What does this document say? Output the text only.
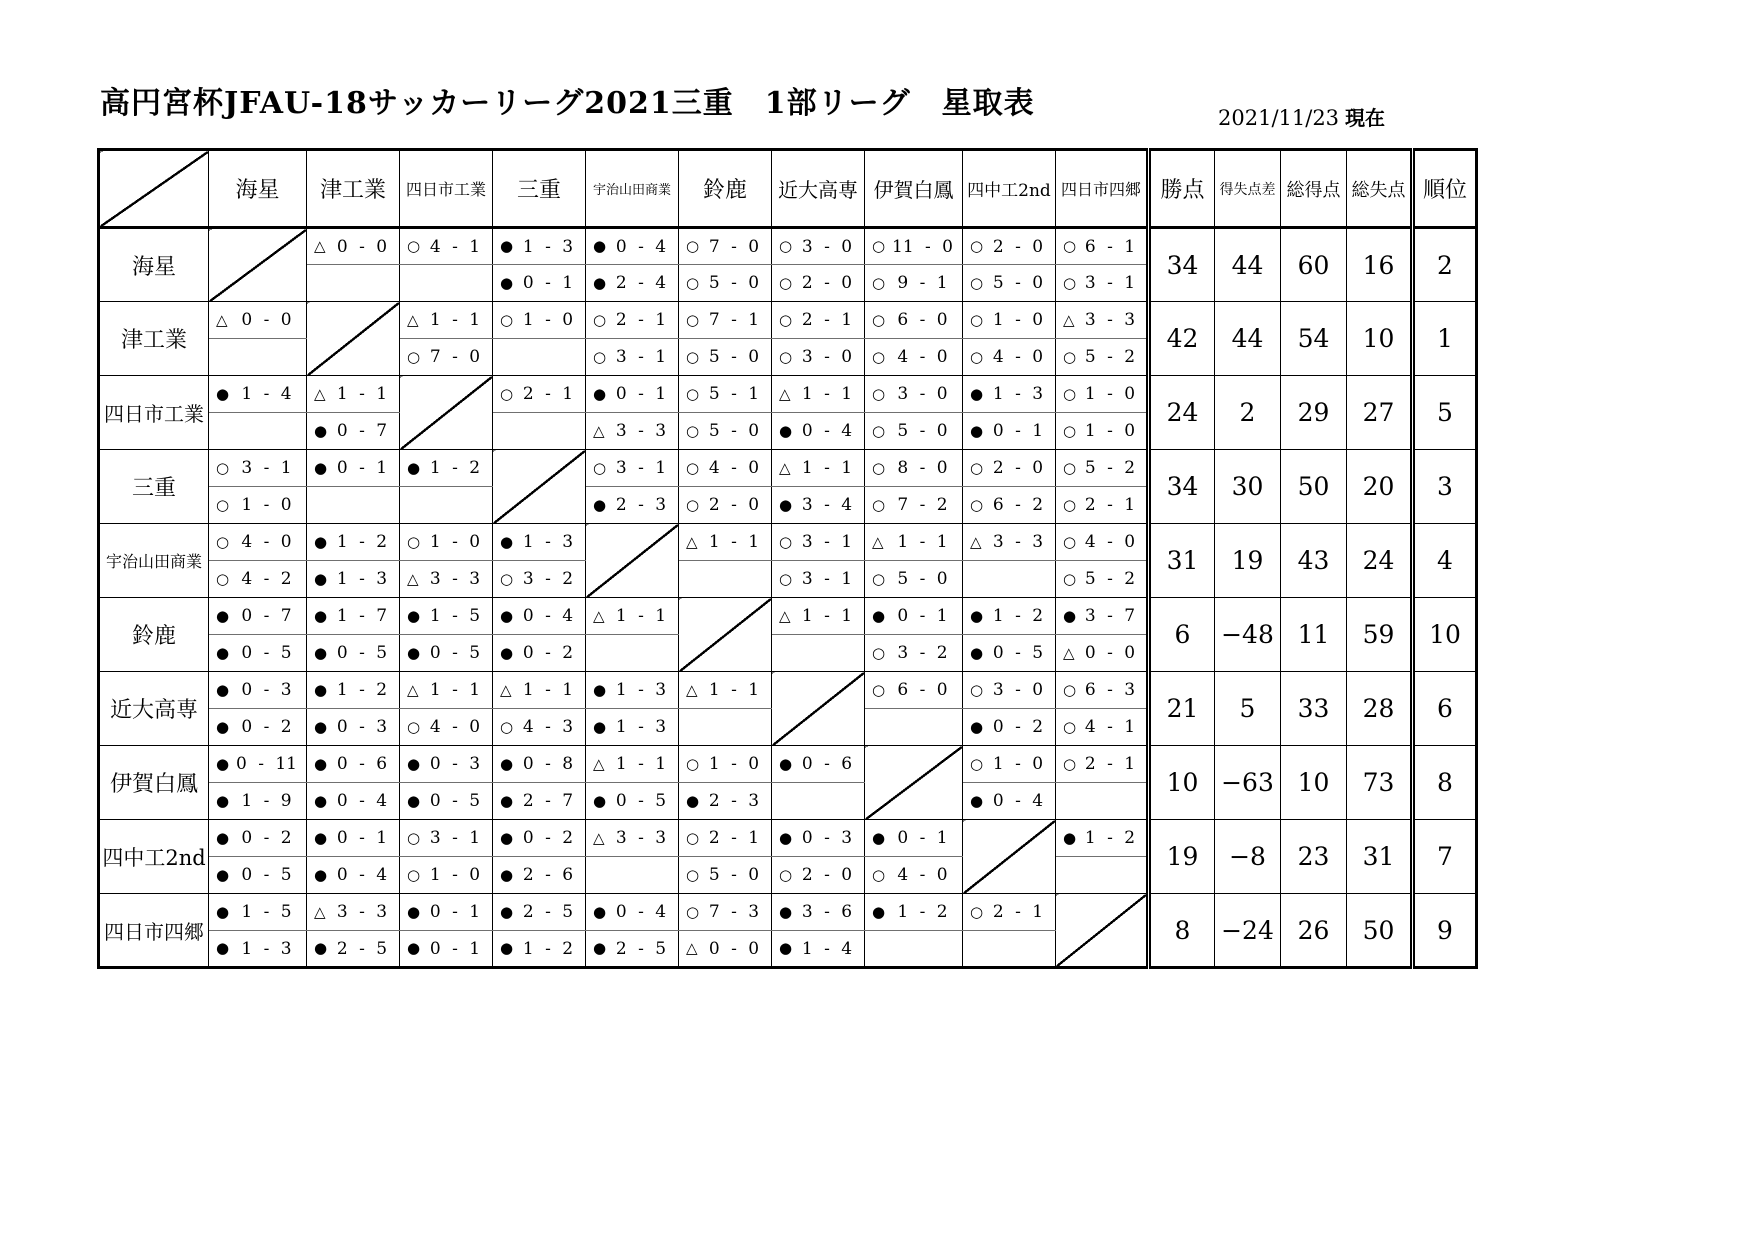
高円宮杯JFAU-18サッカーリーグ2021三重　1部リーグ　星取表	2021/11/23 現在
	海星	津工業	四日市工業	三重	宇治山田商業	鈴鹿	近大高専	伊賀白鳳	四中工2nd	四日市四郷	勝点	得失点差	総得点	総失点	順位
海星		△ 0 - 0	○ 4 - 1	● 1 - 3	● 0 - 4	○ 7 - 0	○ 3 - 0	○ 11 - 0	○ 2 - 0	○ 6 - 1	34	44	60	16	2

				● 0 - 1	● 2 - 4	○ 5 - 0	○ 2 - 0	○ 9 - 1	○ 5 - 0	○ 3 - 1					

津工業	△ 0 - 0		△ 1 - 1	○ 1 - 0	○ 2 - 1	○ 7 - 1	○ 2 - 1	○ 6 - 0	○ 1 - 0	△ 3 - 3	42	44	54	10	1

			○ 7 - 0		○ 3 - 1	○ 5 - 0	○ 3 - 0	○ 4 - 0	○ 4 - 0	○ 5 - 2					

四日市工業	● 1 - 4	△ 1 - 1		○ 2 - 1	● 0 - 1	○ 5 - 1	△ 1 - 1	○ 3 - 0	● 1 - 3	○ 1 - 0	24	2	29	27	5

		● 0 - 7			△ 3 - 3	○ 5 - 0	● 0 - 4	○ 5 - 0	● 0 - 1	○ 1 - 0					

三重	○ 3 - 1	● 0 - 1	● 1 - 2		○ 3 - 1	○ 4 - 0	△ 1 - 1	○ 8 - 0	○ 2 - 0	○ 5 - 2	34	30	50	20	3

	○ 1 - 0				● 2 - 3	○ 2 - 0	● 3 - 4	○ 7 - 2	○ 6 - 2	○ 2 - 1					

宇治山田商業	○ 4 - 0	● 1 - 2	○ 1 - 0	● 1 - 3		△ 1 - 1	○ 3 - 1	△ 1 - 1	△ 3 - 3	○ 4 - 0	31	19	43	24	4

	○ 4 - 2	● 1 - 3	△ 3 - 3	○ 3 - 2			○ 3 - 1	○ 5 - 0		○ 5 - 2					

鈴鹿	● 0 - 7	● 1 - 7	● 1 - 5	● 0 - 4	△ 1 - 1		△ 1 - 1	● 0 - 1	● 1 - 2	● 3 - 7	6	−48	11	59	10

	● 0 - 5	● 0 - 5	● 0 - 5	● 0 - 2				○ 3 - 2	● 0 - 5	△ 0 - 0					

近大高専	● 0 - 3	● 1 - 2	△ 1 - 1	△ 1 - 1	● 1 - 3	△ 1 - 1		○ 6 - 0	○ 3 - 0	○ 6 - 3	21	5	33	28	6

	● 0 - 2	● 0 - 3	○ 4 - 0	○ 4 - 3	● 1 - 3				● 0 - 2	○ 4 - 1					

伊賀白鳳	● 0 - 11	● 0 - 6	● 0 - 3	● 0 - 8	△ 1 - 1	○ 1 - 0	● 0 - 6		○ 1 - 0	○ 2 - 1	10	−63	10	73	8

	● 1 - 9	● 0 - 4	● 0 - 5	● 2 - 7	● 0 - 5	● 2 - 3			● 0 - 4						

四中工2nd	● 0 - 2	● 0 - 1	○ 3 - 1	● 0 - 2	△ 3 - 3	○ 2 - 1	● 0 - 3	● 0 - 1		● 1 - 2	19	−8	23	31	7

	● 0 - 5	● 0 - 4	○ 1 - 0	● 2 - 6		○ 5 - 0	○ 2 - 0	○ 4 - 0							

四日市四郷	● 1 - 5	△ 3 - 3	● 0 - 1	● 2 - 5	● 0 - 4	○ 7 - 3	● 3 - 6	● 1 - 2	○ 2 - 1		8	−24	26	50	9

	● 1 - 3	● 2 - 5	● 0 - 1	● 1 - 2	● 2 - 5	△ 0 - 0	● 1 - 4								
